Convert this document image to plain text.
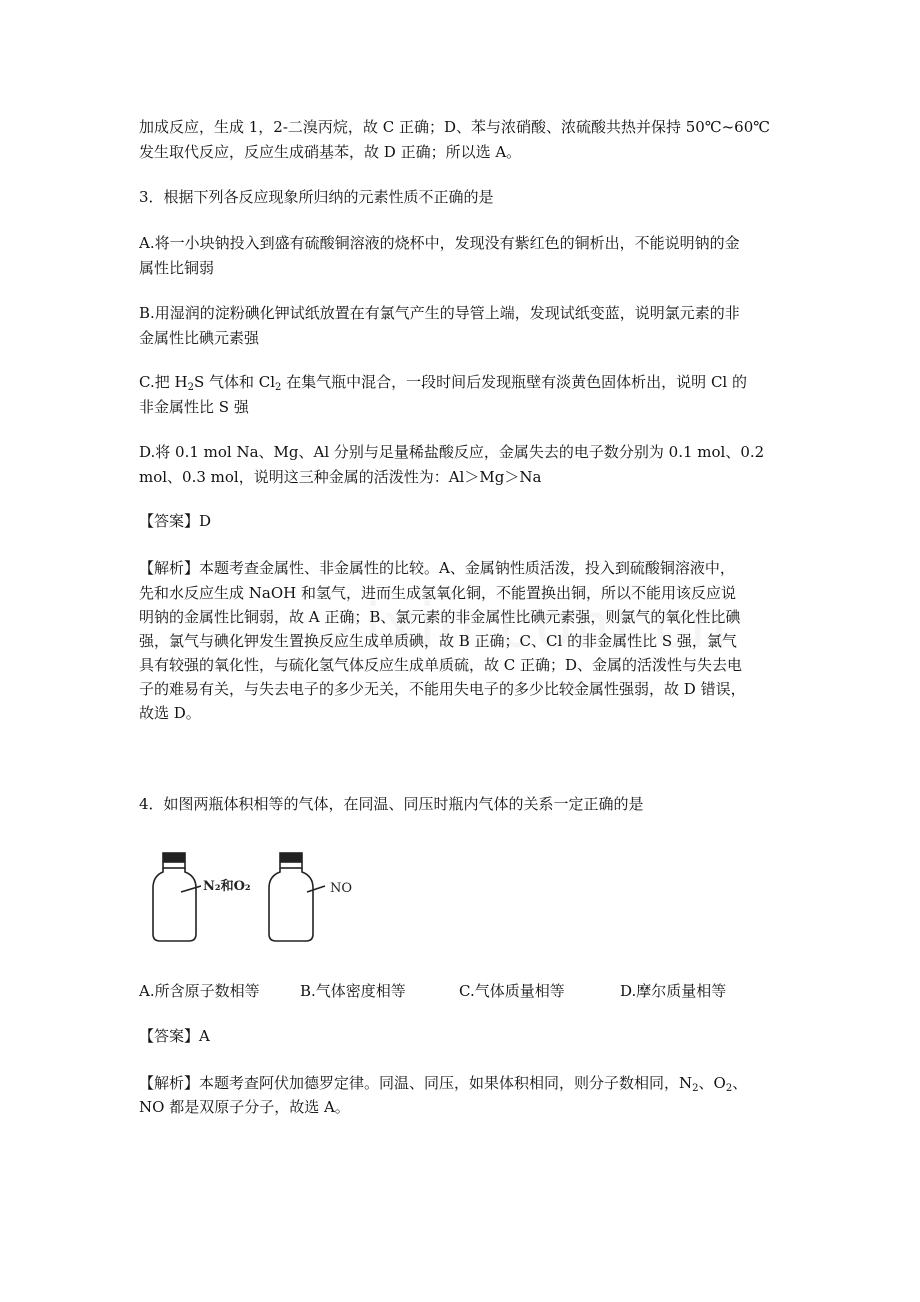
加成反应，生成 1，2-二溴丙烷，故 C 正确；D、苯与浓硝酸、浓硫酸共热并保持 50℃~60℃
发生取代反应，反应生成硝基苯，故 D 正确；所以选 A。
3．根据下列各反应现象所归纳的元素性质不正确的是
A.将一小块钠投入到盛有硫酸铜溶液的烧杯中，发现没有紫红色的铜析出，不能说明钠的金
属性比铜弱
B.用湿润的淀粉碘化钾试纸放置在有氯气产生的导管上端，发现试纸变蓝，说明氯元素的非
金属性比碘元素强
C.把 $H_2S$ 气体和 $Cl_2$ 在集气瓶中混合，一段时间后发现瓶壁有淡黄色固体析出，说明 Cl 的
非金属性比 S 强
D.将 0.1 mol Na、Mg、Al 分别与足量稀盐酸反应，金属失去的电子数分别为 0.1 mol、0.2
mol、0.3 mol，说明这三种金属的活泼性为：Al＞Mg＞Na
【答案】D
【解析】本题考查金属性、非金属性的比较。A、金属钠性质活泼，投入到硫酸铜溶液中，
先和水反应生成 NaOH 和氢气，进而生成氢氧化铜，不能置换出铜，所以不能用该反应说
明钠的金属性比铜弱，故 A 正确；B、氯元素的非金属性比碘元素强，则氯气的氧化性比碘
强，氯气与碘化钾发生置换反应生成单质碘，故 B 正确；C、Cl 的非金属性比 S 强，氯气
具有较强的氧化性，与硫化氢气体反应生成单质硫，故 C 正确；D、金属的活泼性与失去电
子的难易有关，与失去电子的多少无关，不能用失电子的多少比较金属性强弱，故 D 错误，
故选 D。
4．如图两瓶体积相等的气体，在同温、同压时瓶内气体的关系一定正确的是
N₂和O₂	NO
A.所含原子数相等	B.气体密度相等	C.气体质量相等	D.摩尔质量相等
【答案】A
【解析】本题考查阿伏加德罗定律。同温、同压，如果体积相同，则分子数相同，$N_2$、$O_2$、
NO 都是双原子分子，故选 A。
